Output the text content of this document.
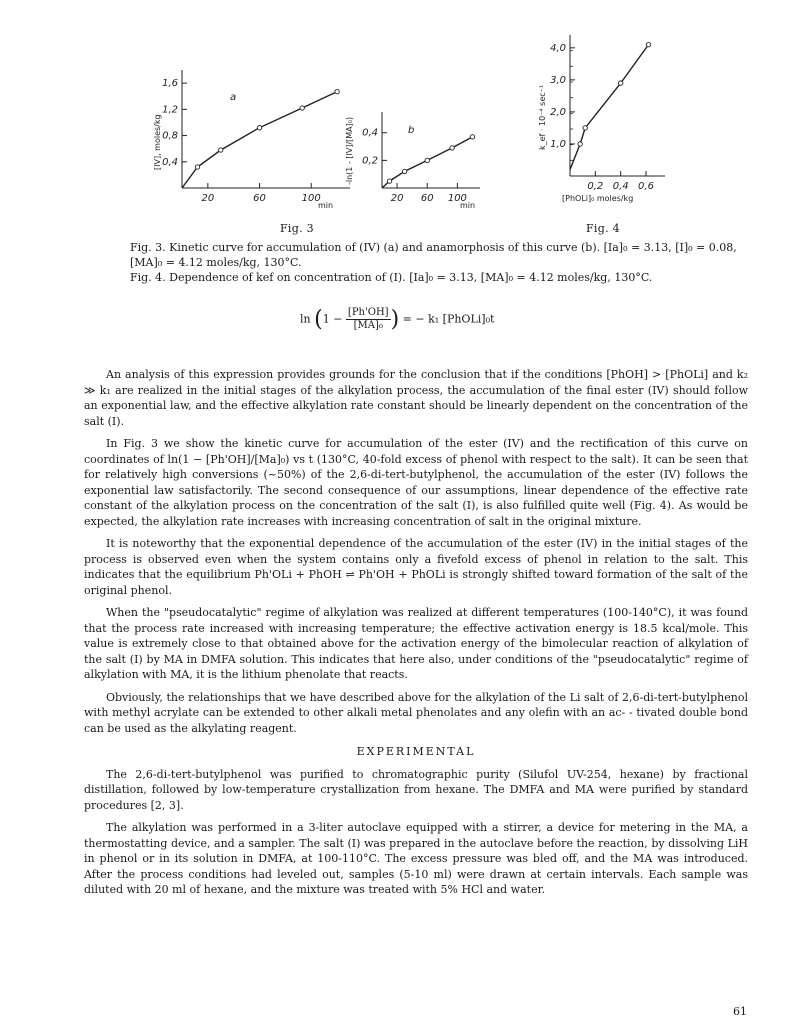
0,4
0,8
1,2
1,6
20	60	100
a
[IV], moles/kg
min
0,2
0,4
20 60 100
b
-ln(1 - [IV]/[MA]₀)
min
1,0
2,0
3,0
4,0
0,2 0,4 0,6
k_ef · 10⁻⁴ sec⁻¹
[PhOLi]₀ moles/kg
Fig. 3	Fig. 4

Fig. 3. Kinetic curve for accumulation of (IV) (a) and anamorphosis of this curve (b). [Ia]₀ = 3.13, [I]₀ = 0.08, [MA]₀ = 4.12 moles/kg, 130°C.

Fig. 4. Dependence of kef on concentration of (I). [Ia]₀ = 3.13, [MA]₀ = 4.12 moles/kg, 130°C.

$\ln (1 - \frac{[Ph'OH]}{\text{[MA]₀}}$ ) = − k₁ [PhOLi]₀t

An analysis of this expression provides grounds for the conclusion that if the conditions [PhOH] > [PhOLi] and k₂ ≫ k₁ are realized in the initial stages of the alkylation process, the accumulation of the final ester (IV) should follow an exponential law, and the effective alkylation rate constant should be linearly dependent on the concentration of the salt (I).

In Fig. 3 we show the kinetic curve for accumulation of the ester (IV) and the rectification of this curve on coordinates of ln(1 − [Ph'OH]/[Ma]₀) vs t (130°C, 40-fold excess of phenol with respect to the salt). It can be seen that for relatively high conversions (~50%) of the 2,6-di-tert-butylphenol, the accumulation of the ester (IV) follows the exponential law satisfactorily. The second consequence of our assumptions, linear dependence of the effective rate constant of the alkylation process on the concentration of the salt (I), is also fulfilled quite well (Fig. 4). As would be expected, the alkylation rate increases with increasing concentration of salt in the original mixture.

It is noteworthy that the exponential dependence of the accumulation of the ester (IV) in the initial stages of the process is observed even when the system contains only a fivefold excess of phenol in relation to the salt. This indicates that the equilibrium Ph'OLi + PhOH ⇌ Ph'OH + PhOLi is strongly shifted toward formation of the salt of the original phenol.

When the "pseudocatalytic" regime of alkylation was realized at different temperatures (100-140°C), it was found that the process rate increased with increasing temperature; the effective activation energy is 18.5 kcal/mole. This value is extremely close to that obtained above for the activation energy of the bimolecular reaction of alkylation of the salt (I) by MA in DMFA solution. This indicates that here also, under conditions of the "pseudocatalytic" regime of alkylation with MA, it is the lithium phenolate that reacts.

Obviously, the relationships that we have described above for the alkylation of the Li salt of 2,6-di-tert-butylphenol with methyl acrylate can be extended to other alkali metal phenolates and any olefin with an ac- - tivated double bond can be used as the alkylating reagent.

EXPERIMENTAL

The 2,6-di-tert-butylphenol was purified to chromatographic purity (Silufol UV-254, hexane) by fractional distillation, followed by low-temperature crystallization from hexane. The DMFA and MA were purified by standard procedures [2, 3].

The alkylation was performed in a 3-liter autoclave equipped with a stirrer, a device for metering in the MA, a thermostatting device, and a sampler. The salt (I) was prepared in the autoclave before the reaction, by dissolving LiH in phenol or in its solution in DMFA, at 100-110°C. The excess pressure was bled off, and the MA was introduced. After the process conditions had leveled out, samples (5-10 ml) were drawn at certain intervals. Each sample was diluted with 20 ml of hexane, and the mixture was treated with 5% HCl and water.

61
